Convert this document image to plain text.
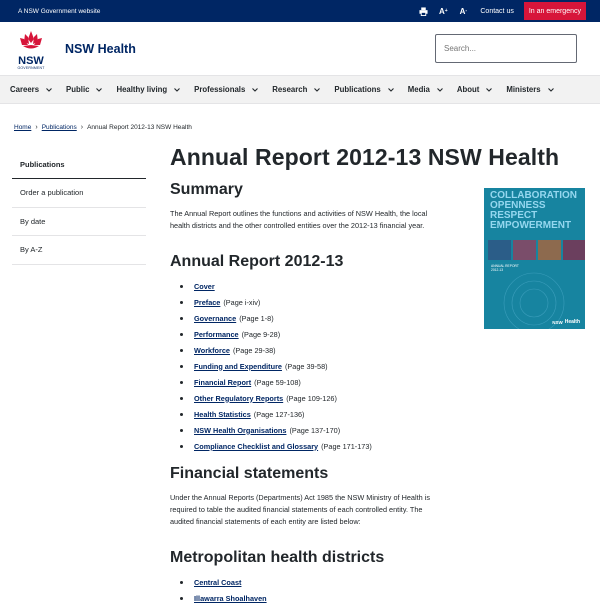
A NSW Government website	A + A - Contact us	In an emergency
NSW
GOVERNMENT
NSW Health
Search...
Careers	Public	Healthy living	Professionals	Research	Publications	Media	About	Ministers
Home › Publications › Annual Report 2012-13 NSW Health
Publications
Order a publication
By date
By A-Z
Annual Report 2012-13 NSW Health
Summary

The Annual Report outlines the functions and activities of NSW Health, the local health districts and the other controlled entities over the 2012-13 financial year.

Annual Report 2012-13
Cover
Preface (Page i-xiv)
Governance (Page 1-8)
Performance (Page 9-28)
Workforce (Page 29-38)
Funding and Expenditure (Page 39-58)
Financial Report (Page 59-108)
Other Regulatory Reports (Page 109-126)
Health Statistics (Page 127-136)
NSW Health Organisations (Page 137-170)
Compliance Checklist and Glossary (Page 171-173)
Financial statements

Under the Annual Reports (Departments) Act 1985 the NSW Ministry of Health is required to table the audited financial statements of each controlled entity. The audited financial statements of each entity are listed below:

Metropolitan health districts
Central Coast
Illawarra Shoalhaven
COLLABORATION
OPENNESS
RESPECT
EMPOWERMENT
ANNUAL REPORT
2012-13
NSW Health
